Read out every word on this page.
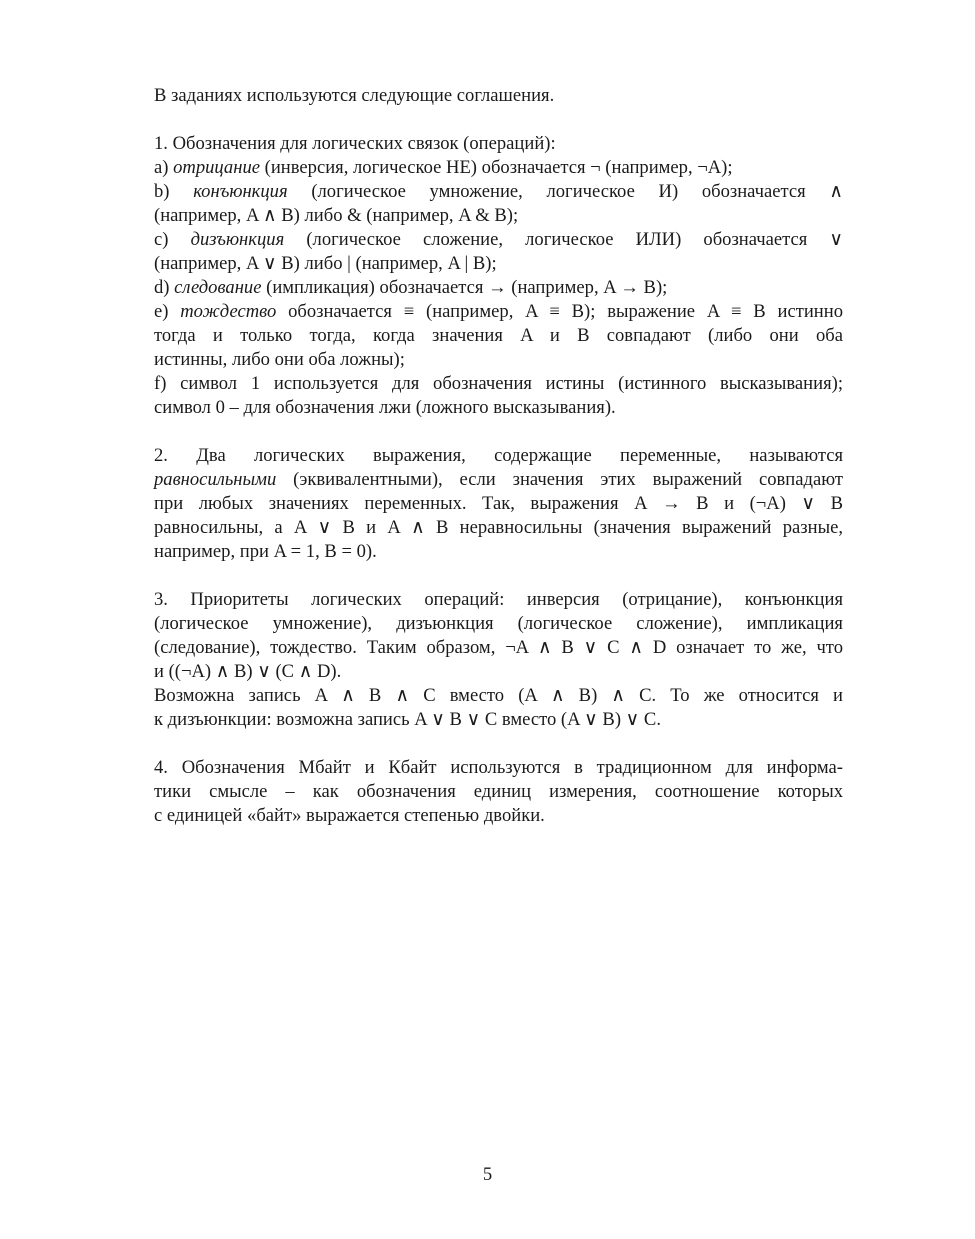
В заданиях используются следующие соглашения.

1. Обозначения для логических связок (операций):

a) отрицание (инверсия, логическое НЕ) обозначается ¬ (например, ¬A);

b) конъюнкция (логическое умножение, логическое И) обозначается ∧

(например, A ∧ B) либо & (например, A & B);

c) дизъюнкция (логическое сложение, логическое ИЛИ) обозначается ∨

(например, A ∨ B) либо | (например, A | B);

d) следование (импликация) обозначается → (например, A → B);

e) тождество обозначается ≡ (например, A ≡ B); выражение A ≡ B истинно

тогда и только тогда, когда значения A и B совпадают (либо они оба

истинны, либо они оба ложны);

f) символ 1 используется для обозначения истины (истинного высказывания);

символ 0 – для обозначения лжи (ложного высказывания).

2. Два логических выражения, содержащие переменные, называются

равносильными (эквивалентными), если значения этих выражений совпадают

при любых значениях переменных. Так, выражения A → B и (¬A) ∨ B

равносильны, а A ∨ B и A ∧ B неравносильны (значения выражений разные,

например, при A = 1, B = 0).

3. Приоритеты логических операций: инверсия (отрицание), конъюнкция

(логическое умножение), дизъюнкция (логическое сложение), импликация

(следование), тождество. Таким образом, ¬A ∧ B ∨ C ∧ D означает то же, что

и ((¬A) ∧ B) ∨ (C ∧ D).

Возможна запись A ∧ B ∧ C вместо (A ∧ B) ∧ C. То же относится и

к дизъюнкции: возможна запись A ∨ B ∨ C вместо (A ∨ B) ∨ C.

4. Обозначения Мбайт и Кбайт используются в традиционном для информа-

тики смысле – как обозначения единиц измерения, соотношение которых

с единицей «байт» выражается степенью двойки.

5
